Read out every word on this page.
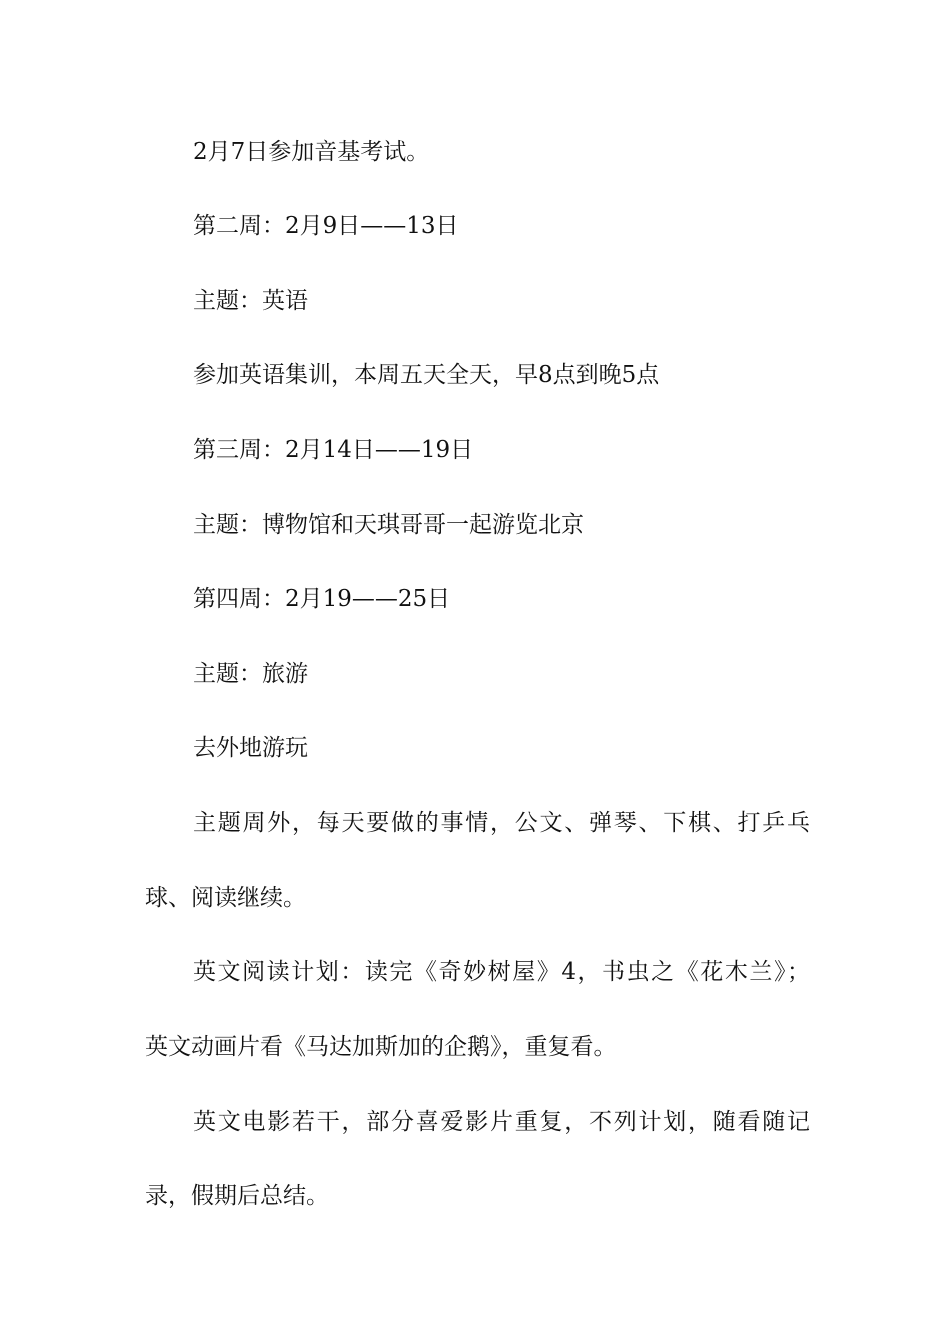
2月7日参加音基考试。
第二周：2月9日——13日
主题：英语
参加英语集训，本周五天全天，早8点到晚5点
第三周：2月14日——19日
主题：博物馆和天琪哥哥一起游览北京
第四周：2月19——25日
主题：旅游
去外地游玩
主题周外，每天要做的事情，公文、弹琴、下棋、打乒乓
球、阅读继续。
英文阅读计划：读完《奇妙树屋》4，书虫之《花木兰》；
英文动画片看《马达加斯加的企鹅》，重复看。
英文电影若干，部分喜爱影片重复，不列计划，随看随记
录，假期后总结。
